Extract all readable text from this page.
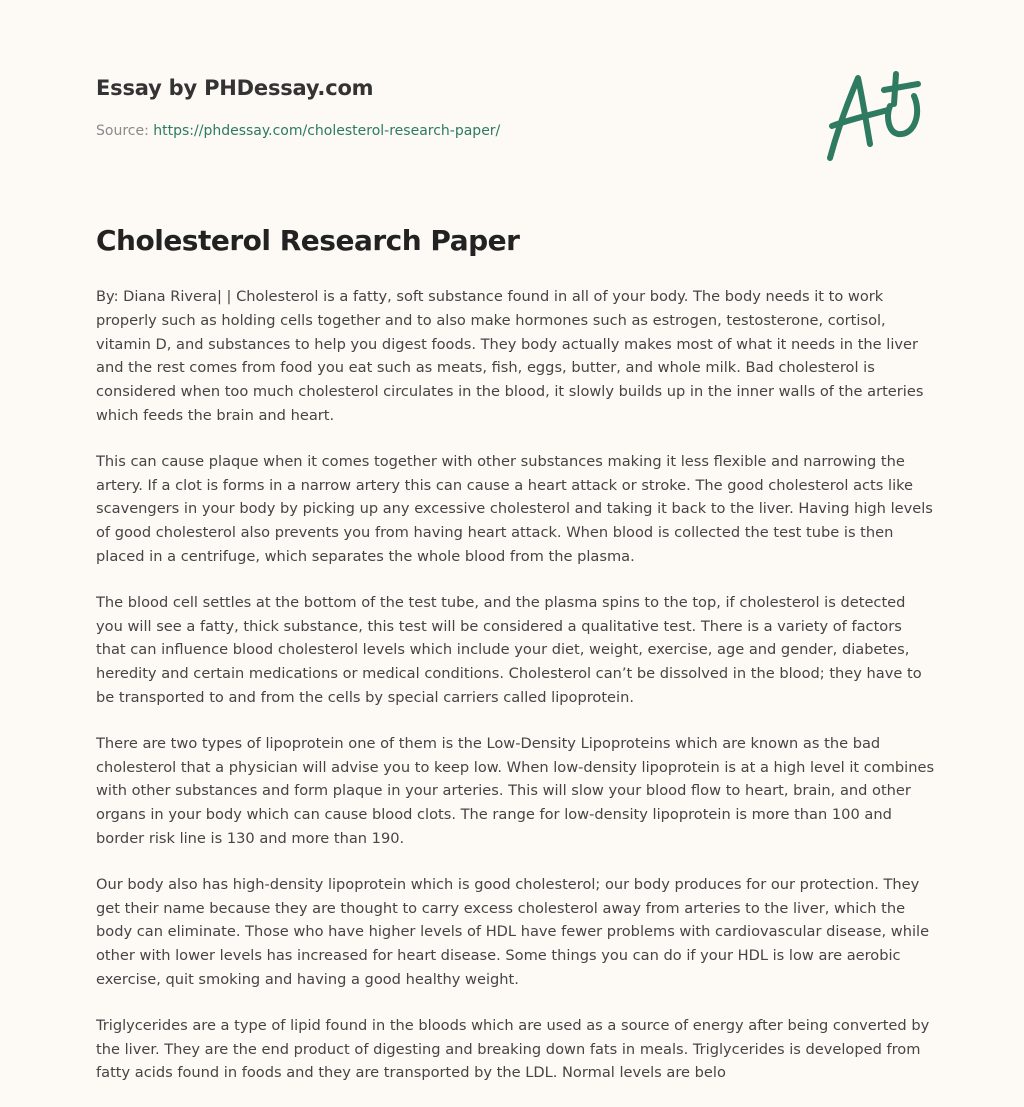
Essay by PHDessay.com
Source: https://phdessay.com/cholesterol-research-paper/
Cholesterol Research Paper

By: Diana Rivera| | Cholesterol is a fatty, soft substance found in all of your body. The body needs it to work properly such as holding cells together and to also make hormones such as estrogen, testosterone, cortisol, vitamin D, and substances to help you digest foods. They body actually makes most of what it needs in the liver and the rest comes from food you eat such as meats, fish, eggs, butter, and whole milk. Bad cholesterol is considered when too much cholesterol circulates in the blood, it slowly builds up in the inner walls of the arteries which feeds the brain and heart.

This can cause plaque when it comes together with other substances making it less flexible and narrowing the artery. If a clot is forms in a narrow artery this can cause a heart attack or stroke. The good cholesterol acts like scavengers in your body by picking up any excessive cholesterol and taking it back to the liver. Having high levels of good cholesterol also prevents you from having heart attack. When blood is collected the test tube is then placed in a centrifuge, which separates the whole blood from the plasma.

The blood cell settles at the bottom of the test tube, and the plasma spins to the top, if cholesterol is detected you will see a fatty, thick substance, this test will be considered a qualitative test. There is a variety of factors that can influence blood cholesterol levels which include your diet, weight, exercise, age and gender, diabetes, heredity and certain medications or medical conditions. Cholesterol can’t be dissolved in the blood; they have to be transported to and from the cells by special carriers called lipoprotein.

There are two types of lipoprotein one of them is the Low-Density Lipoproteins which are known as the bad cholesterol that a physician will advise you to keep low. When low-density lipoprotein is at a high level it combines with other substances and form plaque in your arteries. This will slow your blood flow to heart, brain, and other organs in your body which can cause blood clots. The range for low-density lipoprotein is more than 100 and border risk line is 130 and more than 190.

Our body also has high-density lipoprotein which is good cholesterol; our body produces for our protection. They get their name because they are thought to carry excess cholesterol away from arteries to the liver, which the body can eliminate. Those who have higher levels of HDL have fewer problems with cardiovascular disease, while other with lower levels has increased for heart disease. Some things you can do if your HDL is low are aerobic exercise, quit smoking and having a good healthy weight.

Triglycerides are a type of lipid found in the bloods which are used as a source of energy after being converted by the liver. They are the end product of digesting and breaking down fats in meals. Triglycerides is developed from fatty acids found in foods and they are transported by the LDL. Normal levels are belo
